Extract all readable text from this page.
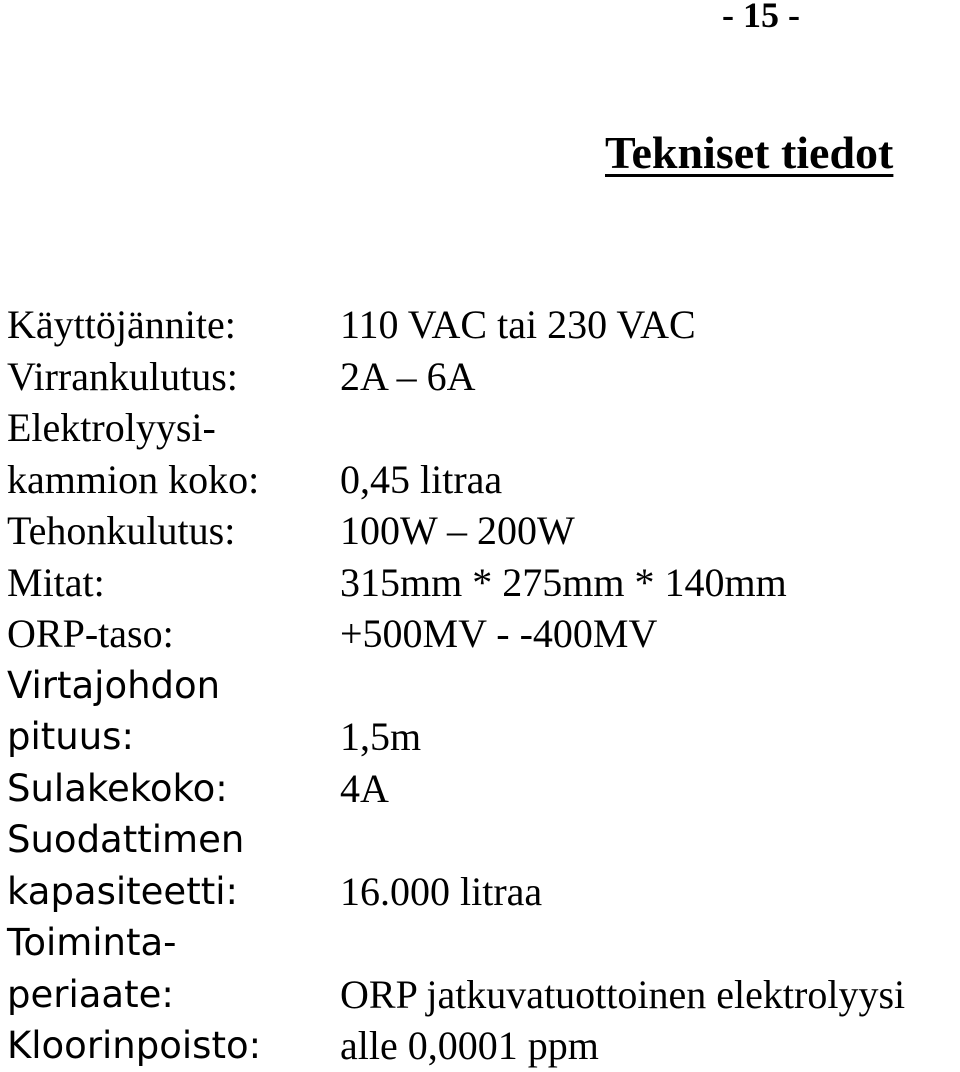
- 15 -
Tekniset tiedot
Käyttöjännite:	110 VAC tai 230 VAC
Virrankulutus:	2A – 6A
Elektrolyysi-
kammion koko:	0,45 litraa
Tehonkulutus:	100W – 200W
Mitat:	315mm * 275mm * 140mm
ORP-taso:	+500MV - -400MV
Virtajohdon
pituus:	1,5m
Sulakekoko:	4A
Suodattimen
kapasiteetti:	16.000 litraa
Toiminta-
periaate:	ORP jatkuvatuottoinen elektrolyysi
Kloorinpoisto:	alle 0,0001 ppm
